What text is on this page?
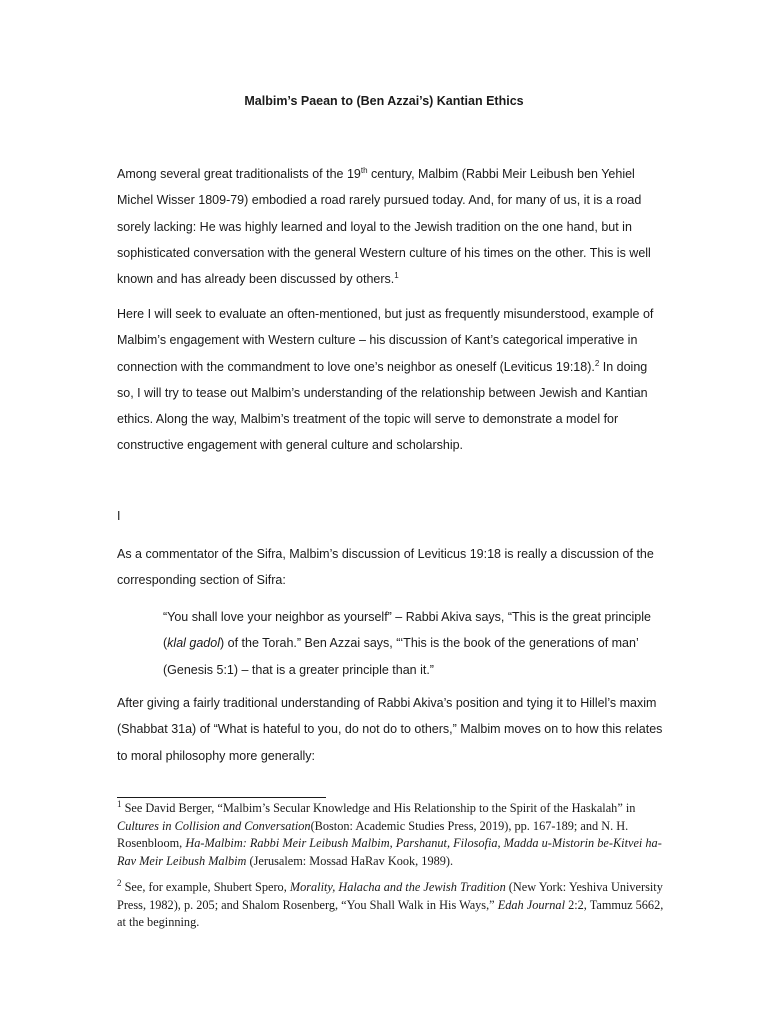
Malbim’s Paean to (Ben Azzai’s) Kantian Ethics

Among several great traditionalists of the 19th century, Malbim (Rabbi Meir Leibush ben Yehiel Michel Wisser 1809-79) embodied a road rarely pursued today. And, for many of us, it is a road sorely lacking: He was highly learned and loyal to the Jewish tradition on the one hand, but in sophisticated conversation with the general Western culture of his times on the other. This is well known and has already been discussed by others.$^1$

Here I will seek to evaluate an often-mentioned, but just as frequently misunderstood, example of Malbim’s engagement with Western culture – his discussion of Kant’s categorical imperative in connection with the commandment to love one’s neighbor as oneself (Leviticus 19:18).$^2$ In doing so, I will try to tease out Malbim’s understanding of the relationship between Jewish and Kantian ethics. Along the way, Malbim’s treatment of the topic will serve to demonstrate a model for constructive engagement with general culture and scholarship.

I

As a commentator of the Sifra, Malbim’s discussion of Leviticus 19:18 is really a discussion of the corresponding section of Sifra:

“You shall love your neighbor as yourself” – Rabbi Akiva says, “This is the great principle (klal gadol) of the Torah.” Ben Azzai says, “‘This is the book of the generations of man’ (Genesis 5:1) – that is a greater principle than it.”

After giving a fairly traditional understanding of Rabbi Akiva’s position and tying it to Hillel’s maxim (Shabbat 31a) of “What is hateful to you, do not do to others,” Malbim moves on to how this relates to moral philosophy more generally:

$^1$ See David Berger, “Malbim’s Secular Knowledge and His Relationship to the Spirit of the Haskalah” in Cultures in Collision and Conversation(Boston: Academic Studies Press, 2019), pp. 167-189; and N. H. Rosenbloom, Ha-Malbim: Rabbi Meir Leibush Malbim, Parshanut, Filosofia, Madda u-Mistorin be-Kitvei ha-Rav Meir Leibush Malbim (Jerusalem: Mossad HaRav Kook, 1989).

$^2$ See, for example, Shubert Spero, Morality, Halacha and the Jewish Tradition (New York: Yeshiva University Press, 1982), p. 205; and Shalom Rosenberg, “You Shall Walk in His Ways,” Edah Journal 2:2, Tammuz 5662, at the beginning.
